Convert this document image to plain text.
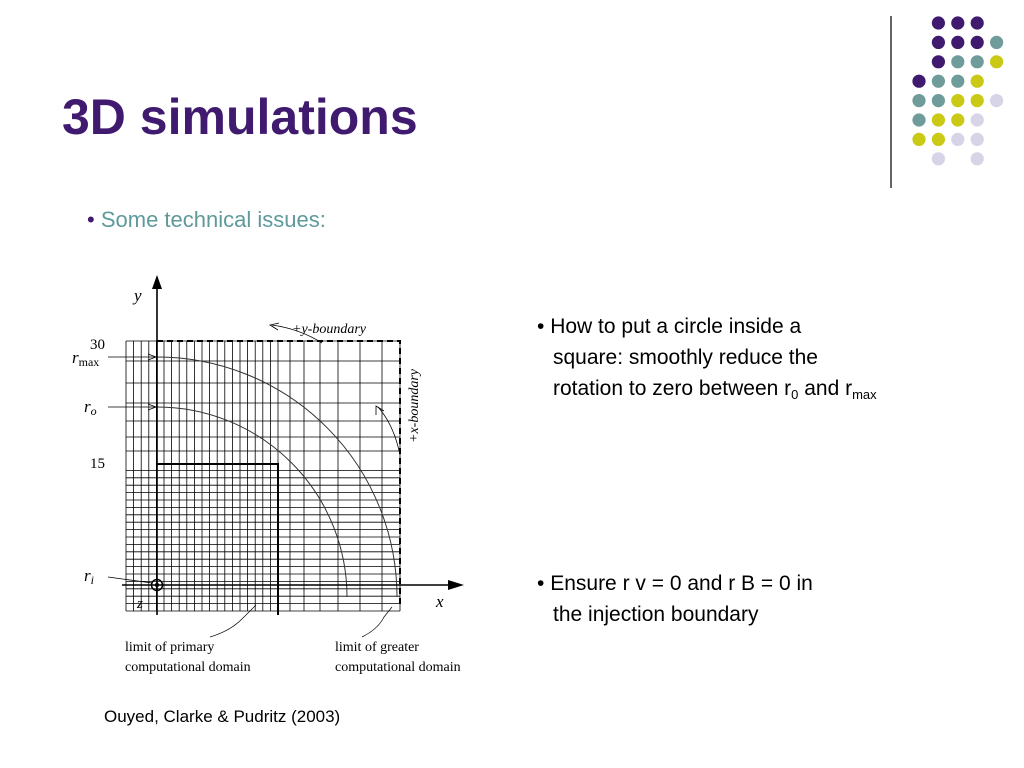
3D simulations
• Some technical issues:
y
x
z
30
15
rmax
ro
ri
+y-boundary
+x-boundary
limit of primary
computational domain
limit of greater
computational domain
Ouyed, Clarke & Pudritz (2003)
• How to put a circle inside a
square: smoothly reduce the
rotation to zero between $r_0$ and $r_{max}$
• Ensure r v = 0 and r B = 0 in
the injection boundary
